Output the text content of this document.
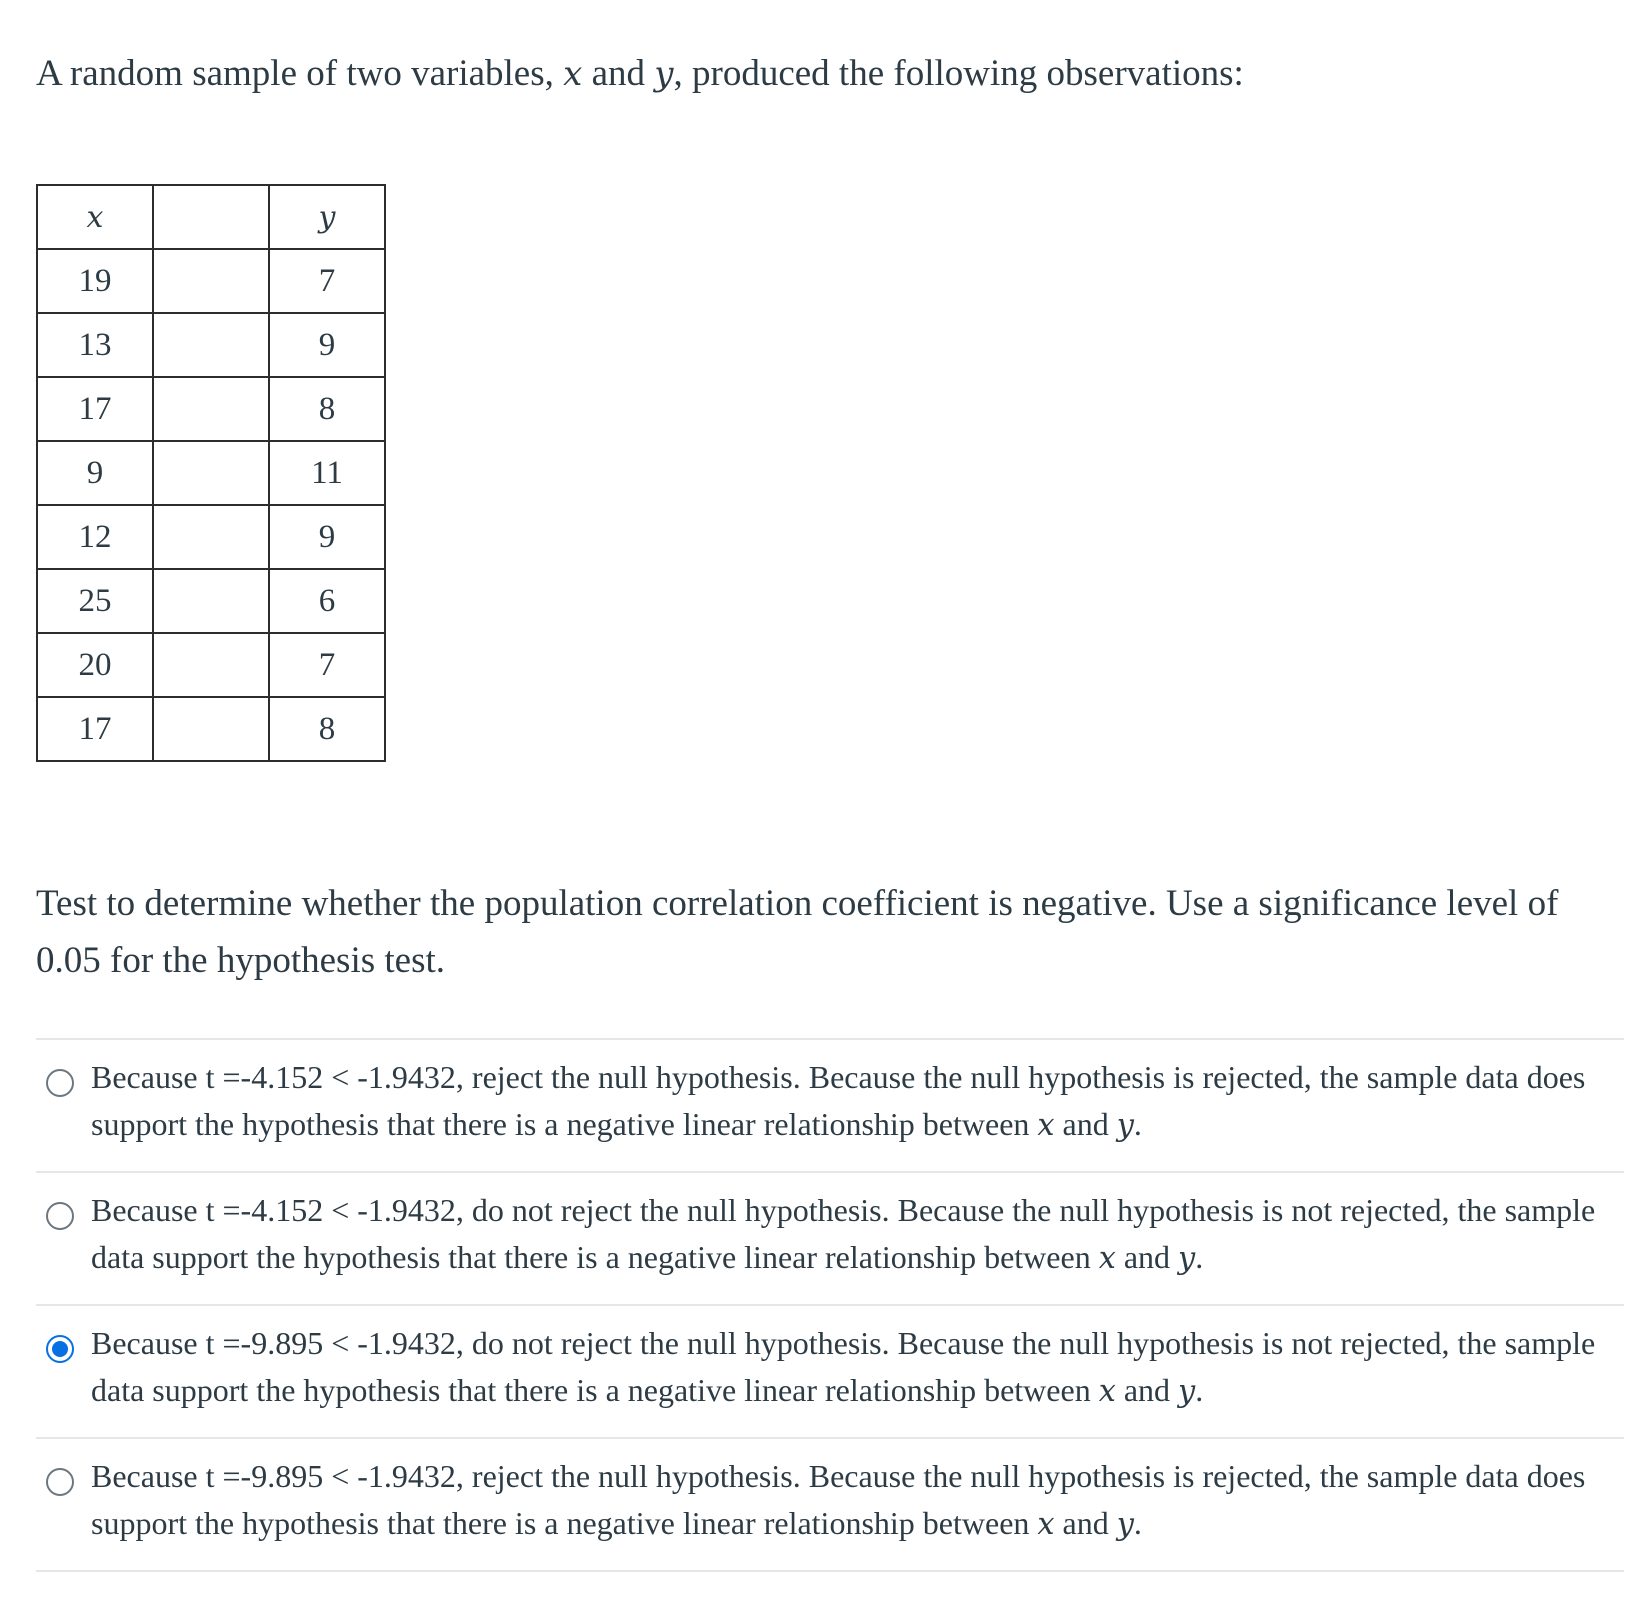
A random sample of two variables, x and y, produced the following observations:

x		y
19		7
13		9
17		8
9		11
12		9
25		6
20		7
17		8

Test to determine whether the population correlation coefficient is negative. Use a significance level of 0.05 for the hypothesis test.

Because t =-4.152 < -1.9432, reject the null hypothesis. Because the null hypothesis is rejected, the sample data does support the hypothesis that there is a negative linear relationship between x and y.
Because t =-4.152 < -1.9432, do not reject the null hypothesis. Because the null hypothesis is not rejected, the sample data support the hypothesis that there is a negative linear relationship between x and y.
Because t =-9.895 < -1.9432, do not reject the null hypothesis. Because the null hypothesis is not rejected, the sample data support the hypothesis that there is a negative linear relationship between x and y.
Because t =-9.895 < -1.9432, reject the null hypothesis. Because the null hypothesis is rejected, the sample data does support the hypothesis that there is a negative linear relationship between x and y.
